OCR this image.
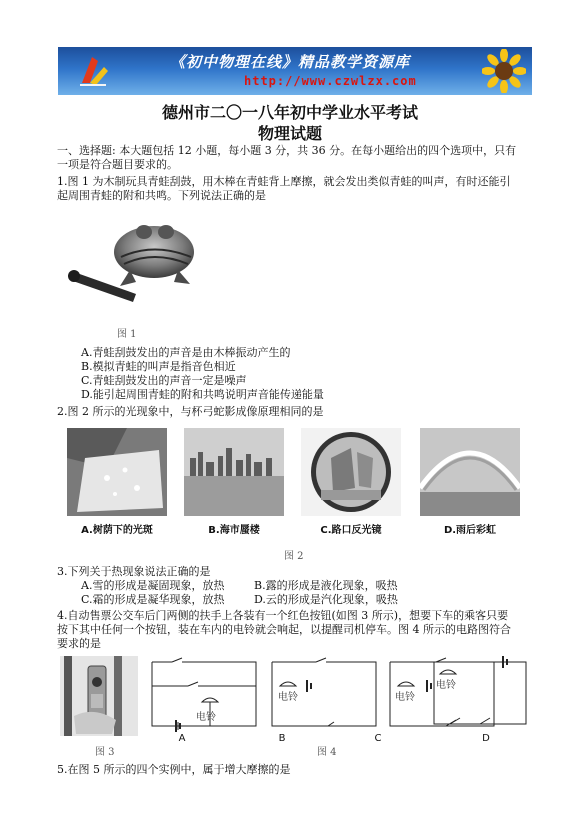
《初中物理在线》精品教学资源库
http://www.czwlzx.com
德州市二〇一八年初中学业水平考试
物理试题
一、选择题: 本大题包括 12 小题，每小题 3 分，共 36 分。在每小题给出的四个选项中，只有
一项是符合题目要求的。
1.图 1 为木制玩具青蛙刮鼓，用木棒在青蛙背上摩擦，就会发出类似青蛙的叫声，有时还能引
起周围青蛙的附和共鸣。下列说法正确的是
图 1
A.青蛙刮鼓发出的声音是由木棒振动产生的
B.模拟青蛙的叫声是指音色相近
C.青蛙刮鼓发出的声音一定是噪声
D.能引起周围青蛙的附和共鸣说明声音能传递能量
2.图 2 所示的光现象中，与杯弓蛇影成像原理相同的是
A.树荫下的光斑	B.海市蜃楼	C.路口反光镜	D.雨后彩虹
图 2
3.下列关于热现象说法正确的是
A.雪的形成是凝固现象，放热	B.露的形成是液化现象，吸热
C.霜的形成是凝华现象，放热	D.云的形成是汽化现象，吸热
4.自动售票公交车后门两侧的扶手上各装有一个红色按钮(如图 3 所示)，想要下车的乘客只要
按下其中任何一个按钮，装在车内的电铃就会响起，以提醒司机停车。图 4 所示的电路图符合
要求的是
图 3
电铃
电铃	电铃
电铃
A	B	C	D
图 4
5.在图 5 所示的四个实例中，属于增大摩擦的是
